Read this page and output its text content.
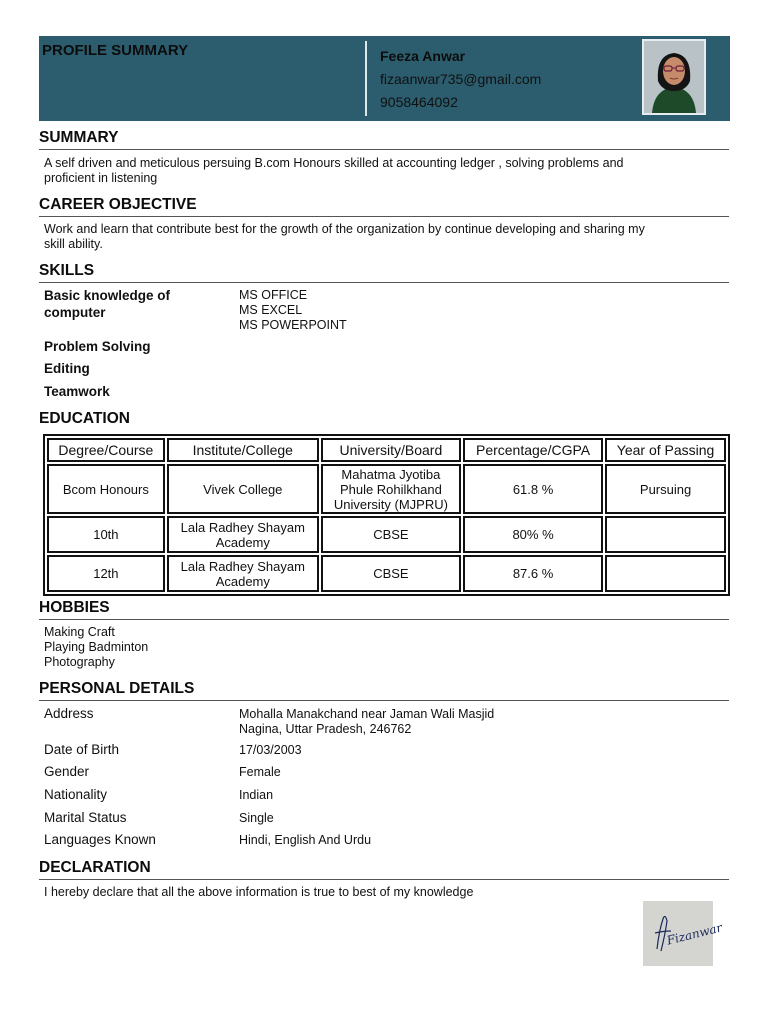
PROFILE SUMMARY	Feeza Anwar
fizaanwar735@gmail.com
9058464092
SUMMARY
A self driven and meticulous persuing B.com Honours skilled at accounting ledger , solving problems and
proficient in listening
CAREER OBJECTIVE
Work and learn that contribute best for the growth of the organization by continue developing and sharing my
skill ability.
SKILLS
Basic knowledge of
computer
MS OFFICE
MS EXCEL
MS POWERPOINT
Problem Solving
Editing
Teamwork
EDUCATION
Degree/Course	Institute/College	University/Board	Percentage/CGPA	Year of Passing
Bcom Honours	Vivek College	Mahatma Jyotiba
Phule Rohilkhand
University (MJPRU)	61.8 %	Pursuing
10th	Lala Radhey Shayam
Academy	CBSE	80% %	
12th	Lala Radhey Shayam
Academy	CBSE	87.6 %	
HOBBIES
Making Craft
Playing Badminton
Photography
PERSONAL DETAILS
Address	Mohalla Manakchand near Jaman Wali Masjid
Nagina, Uttar Pradesh, 246762
Date of Birth	17/03/2003
Gender	Female
Nationality	Indian
Marital Status	Single
Languages Known	Hindi, English And Urdu
DECLARATION
I hereby declare that all the above information is true to best of my knowledge
Fizanwar
